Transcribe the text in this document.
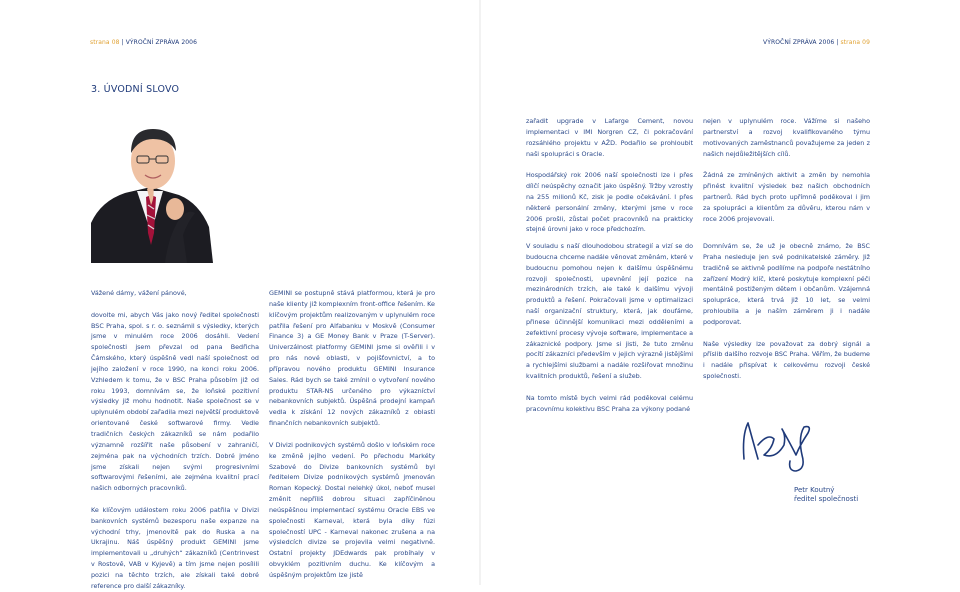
strana 08 | VÝROČNÍ ZPRÁVA 2006	VÝROČNÍ ZPRÁVA 2006 | strana 09
3. ÚVODNÍ SLOVO

Vážené dámy, vážení pánové,

dovolte mi, abych Vás jako nový ředitel společnosti BSC Praha, spol. s r. o. seznámil s výsledky, kterých jsme v minulém roce 2006 dosáhli. Vedení společnosti jsem převzal od pana Bedřicha Čámského, který úspěšně vedl naší společnost od jejího založení v roce 1990, na konci roku 2006. Vzhledem k tomu, že v BSC Praha působím již od roku 1993, domnívám se, že loňské pozitivní výsledky již mohu hodnotit. Naše společnost se v uplynulém období zařadila mezi největší produktově orientované české softwarové firmy. Vedle tradičních českých zákazníků se nám podařilo významně rozšířit naše působení v zahraničí, zejména pak na východních trzích. Dobré jméno jsme získali nejen svými progresivními softwarovými řešeními, ale zejména kvalitní prací našich odborných pracovníků.

Ke klíčovým událostem roku 2006 patřila v Divizi bankovních systémů bezesporu naše expanze na východní trhy, jmenovitě pak do Ruska a na Ukrajinu. Náš úspěšný produkt GEMINI jsme implementovali u „druhých“ zákazníků (Centrinvest v Rostově, VAB v Kyjevě) a tím jsme nejen posílili pozici na těchto trzích, ale získali také dobré reference pro další zákazníky.

GEMINI se postupně stává platformou, která je pro naše klienty již komplexním front-office řešením. Ke klíčovým projektům realizovaným v uplynulém roce patřila řešení pro Alfabanku v Moskvě (Consumer Finance 3) a GE Money Bank v Praze (T-Server). Univerzálnost platformy GEMINI jsme si ověřili i v pro nás nové oblasti, v pojišťovnictví, a to přípravou nového produktu GEMINI Insurance Sales. Rád bych se také zmínil o vytvoření nového produktu STAR-NS určeného pro výkazníctví nebankovních subjektů. Úspěšná prodejní kampaň vedla k získání 12 nových zákazníků z oblasti finančních nebankovních subjektů.

V Divizi podnikových systémů došlo v loňském roce ke změně jejího vedení. Po přechodu Markéty Szabové do Divize bankovních systémů byl ředitelem Divize podnikových systémů jmenován Roman Kopecký. Dostal nelehký úkol, neboť musel změnit nepříliš dobrou situaci zapříčiněnou neúspěšnou implementací systému Oracle EBS ve společnosti Karneval, která byla díky fúzi společností UPC - Karneval nakonec zrušena a na výsledcích divize se projevila velmi negativně. Ostatní projekty JDEdwards pak probíhaly v obvyklém pozitivním duchu. Ke klíčovým a úspěšným projektům lze jistě

zařadit upgrade v Lafarge Cement, novou implementaci v IMI Norgren CZ, či pokračování rozsáhlého projektu v AŽD. Podařilo se prohloubit naši spolupráci s Oracle.

Hospodářský rok 2006 naší společnosti lze i přes dílčí neúspěchy označit jako úspěšný. Tržby vzrostly na 255 milionů Kč, zisk je podle očekávání. I přes některé personální změny, kterými jsme v roce 2006 prošli, zůstal počet pracovníků na prakticky stejné úrovni jako v roce předchozím.

nejen v uplynulém roce. Vážíme si našeho partnerství a rozvoj kvalifikovaného týmu motivovaných zaměstnanců považujeme za jeden z našich nejdůležitějších cílů.

Žádná ze zmíněných aktivit a změn by nemohla přinést kvalitní výsledek bez našich obchodních partnerů. Rád bych proto upřímně poděkoval i jim za spolupráci a klientům za důvěru, kterou nám v roce 2006 projevovali.

V souladu s naší dlouhodobou strategií a vizí se do budoucna chceme nadále věnovat změnám, které v budoucnu pomohou nejen k dalšímu úspěšnému rozvoji společnosti, upevnění její pozice na mezinárodních trzích, ale také k dalšímu vývoji produktů a řešení. Pokračovali jsme v optimalizaci naší organizační struktury, která, jak doufáme, přinese účinnější komunikaci mezi odděleními a zefektivní procesy vývoje software, implementace a zákaznické podpory. Jsme si jisti, že tuto změnu pocítí zákazníci především v jejich výrazně jistějšími a rychlejšími službami a nadále rozšiřovat množinu kvalitních produktů, řešení a služeb.

Na tomto místě bych velmi rád poděkoval celému pracovnímu kolektivu BSC Praha za výkony podané

Domnívám se, že už je obecně známo, že BSC Praha nesleduje jen své podnikatelské záměry. Již tradičně se aktivně podílíme na podpoře nestátního zařízení Modrý klíč, které poskytuje komplexní péči mentálně postiženým dětem i občanům. Vzájemná spolupráce, která trvá již 10 let, se velmi prohloubila a je naším záměrem ji i nadále podporovat.

Naše výsledky lze považovat za dobrý signál a příslib dalšího rozvoje BSC Praha. Věřím, že budeme i nadále přispívat k celkovému rozvoji české společnosti.

Petr Koutný
ředitel společnosti
